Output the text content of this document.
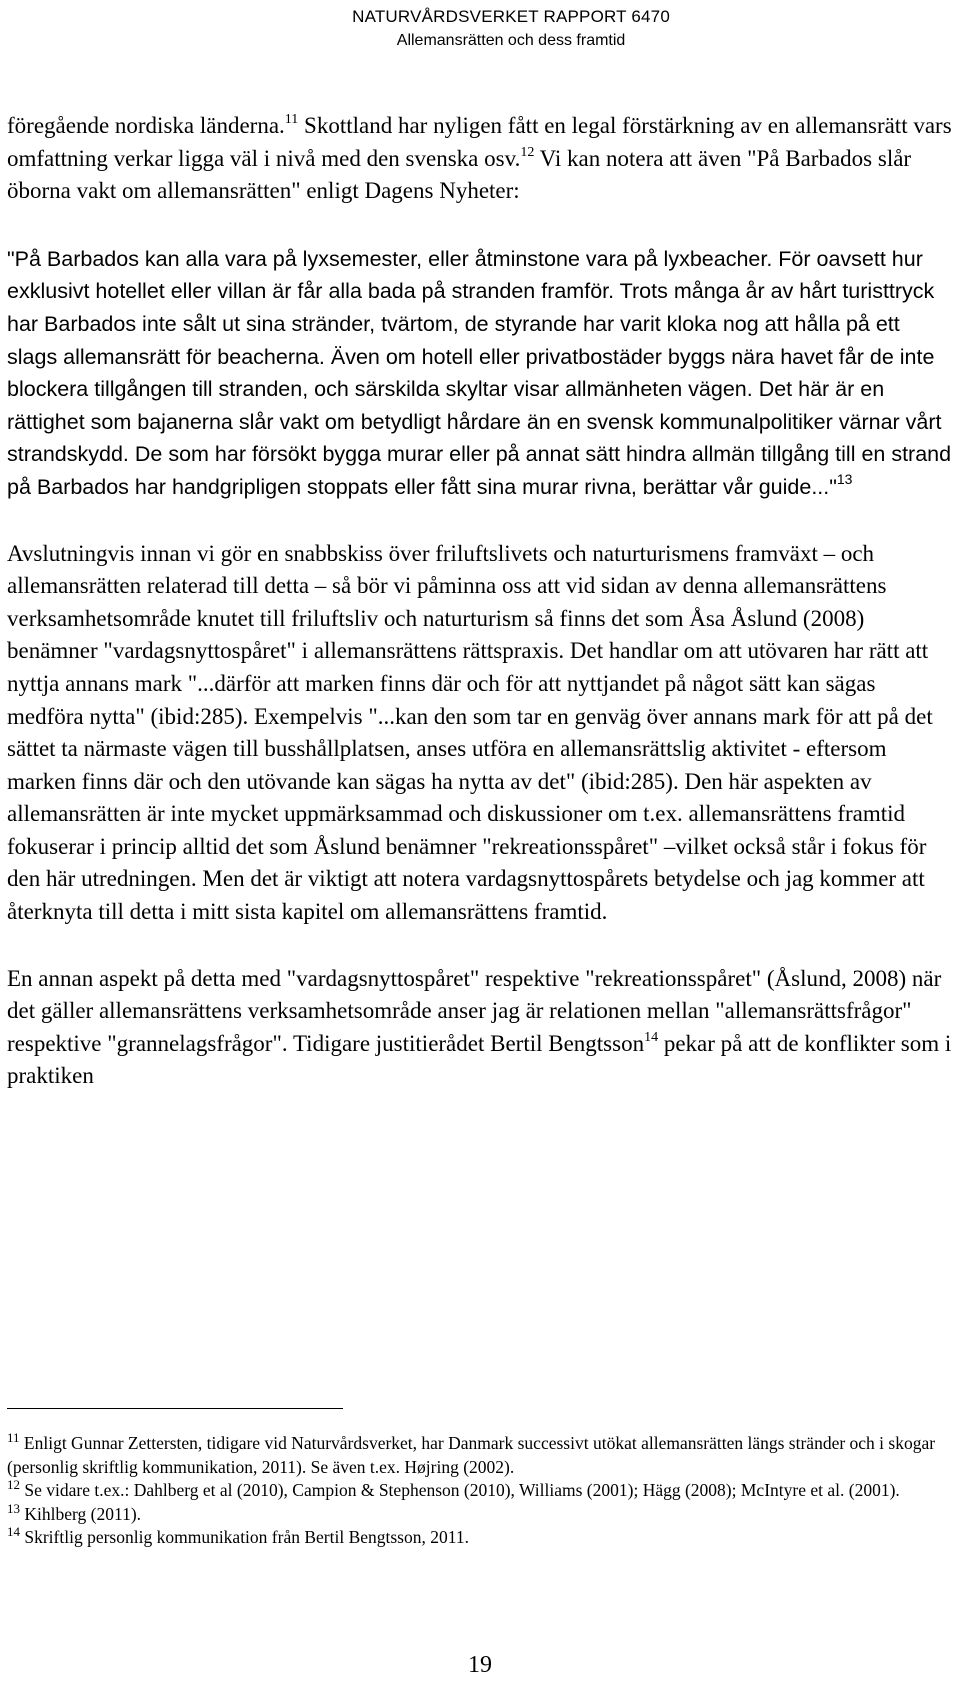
NATURVÅRDSVERKET RAPPORT 6470
Allemansrätten och dess framtid

föregående nordiska länderna.$^{11}$ Skottland har nyligen fått en legal förstärkning av en allemansrätt vars omfattning verkar ligga väl i nivå med den svenska osv.$^{12}$ Vi kan notera att även "På Barbados slår öborna vakt om allemansrätten" enligt Dagens Nyheter:

"På Barbados kan alla vara på lyxsemester, eller åtminstone vara på lyxbeacher. För oavsett hur exklusivt hotellet eller villan är får alla bada på stranden framför. Trots många år av hårt turisttryck har Barbados inte sålt ut sina stränder, tvärtom, de styrande har varit kloka nog att hålla på ett slags allemansrätt för beacherna. Även om hotell eller privatbostäder byggs nära havet får de inte blockera tillgången till stranden, och särskilda skyltar visar allmänheten vägen. Det här är en rättighet som bajanerna slår vakt om betydligt hårdare än en svensk kommunalpolitiker värnar vårt strandskydd. De som har försökt bygga murar eller på annat sätt hindra allmän tillgång till en strand på Barbados har handgripligen stoppats eller fått sina murar rivna, berättar vår guide..."$^{13}$

Avslutningvis innan vi gör en snabbskiss över friluftslivets och naturturismens framväxt – och allemansrätten relaterad till detta – så bör vi påminna oss att vid sidan av denna allemansrättens verksamhetsområde knutet till friluftsliv och naturturism så finns det som Åsa Åslund (2008) benämner "vardagsnyttospåret" i allemansrättens rättspraxis. Det handlar om att utövaren har rätt att nyttja annans mark "...därför att marken finns där och för att nyttjandet på något sätt kan sägas medföra nytta" (ibid:285). Exempelvis "...kan den som tar en genväg över annans mark för att på det sättet ta närmaste vägen till busshållplatsen, anses utföra en allemansrättslig aktivitet - eftersom marken finns där och den utövande kan sägas ha nytta av det" (ibid:285). Den här aspekten av allemansrätten är inte mycket uppmärksammad och diskussioner om t.ex. allemansrättens framtid fokuserar i princip alltid det som Åslund benämner "rekreationsspåret" –vilket också står i fokus för den här utredningen. Men det är viktigt att notera vardagsnyttospårets betydelse och jag kommer att återknyta till detta i mitt sista kapitel om allemansrättens framtid.

En annan aspekt på detta med "vardagsnyttospåret" respektive "rekreationsspåret" (Åslund, 2008) när det gäller allemansrättens verksamhetsområde anser jag är relationen mellan "allemansrättsfrågor" respektive "grannelagsfrågor". Tidigare justitierådet Bertil Bengtsson$^{14}$ pekar på att de konflikter som i praktiken

$^{11}$ Enligt Gunnar Zettersten, tidigare vid Naturvårdsverket, har Danmark successivt utökat allemansrätten längs stränder och i skogar (personlig skriftlig kommunikation, 2011). Se även t.ex. Højring (2002).

$^{12}$ Se vidare t.ex.: Dahlberg et al (2010), Campion & Stephenson (2010), Williams (2001); Hägg (2008); McIntyre et al. (2001).

$^{13}$ Kihlberg (2011).

$^{14}$ Skriftlig personlig kommunikation från Bertil Bengtsson, 2011.

19
